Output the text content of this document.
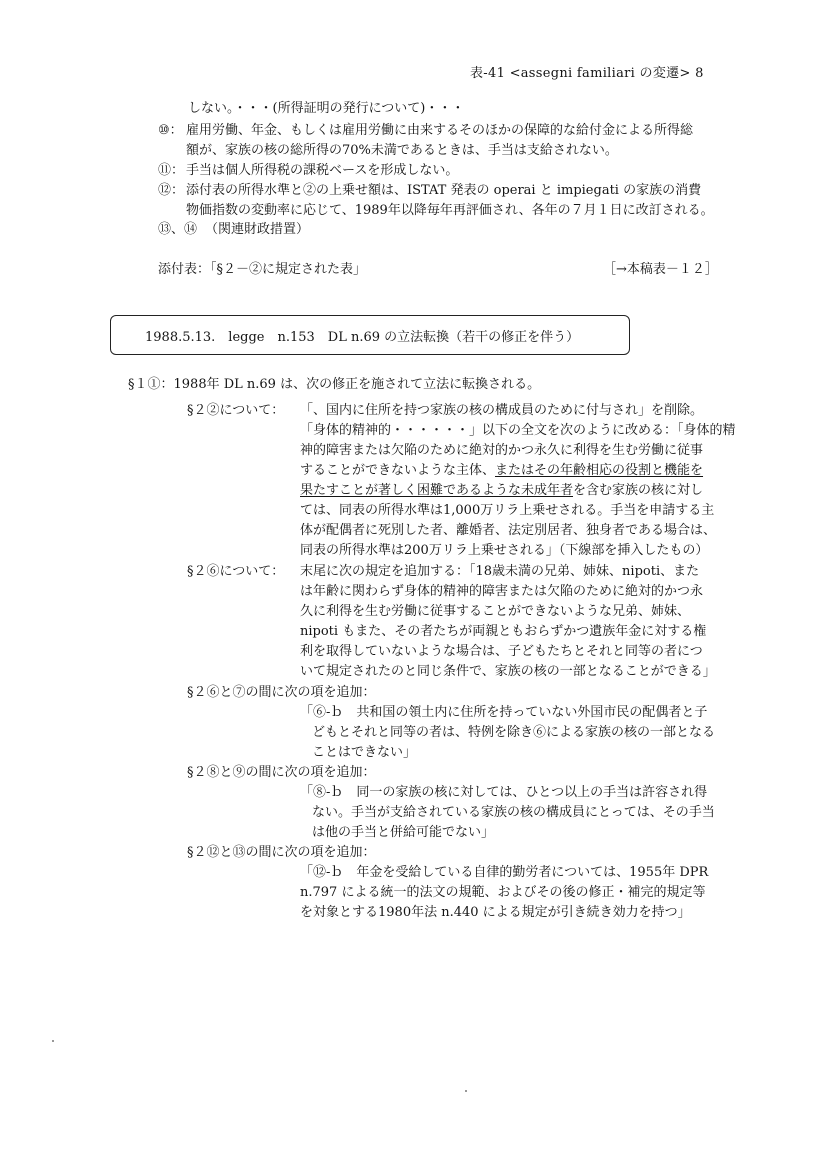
表-41 <assegni familiari の変遷> 8
しない。・・・(所得証明の発行について)・・・
⑩： 雇用労働、年金、もしくは雇用労働に由来するそのほかの保障的な給付金による所得総
額が、家族の核の総所得の70%未満であるときは、手当は支給されない。
⑪： 手当は個人所得税の課税ベースを形成しない。
⑫： 添付表の所得水準と②の上乗せ額は、ISTAT 発表の operai と impiegati の家族の消費
物価指数の変動率に応じて、1989年以降毎年再評価され、各年の７月１日に改訂される。
⑬、⑭ （関連財政措置）
添付表：「§２－②に規定された表」	［→本稿表－１２］
1988.5.13.　legge　n.153　DL n.69 の立法転換（若干の修正を伴う）
§１①：1988年 DL n.69 は、次の修正を施されて立法に転換される。
§２②について： 「、国内に住所を持つ家族の核の構成員のために付与され」を削除。
「身体的精神的・・・・・・」以下の全文を次のように改める：「身体的精
神的障害または欠陥のために絶対的かつ永久に利得を生む労働に従事
することができないような主体、またはその年齢相応の役割と機能を
果たすことが著しく困難であるような未成年者を含む家族の核に対し
ては、同表の所得水準は1,000万リラ上乗せされる。手当を申請する主
体が配偶者に死別した者、離婚者、法定別居者、独身者である場合は、
同表の所得水準は200万リラ上乗せされる」（下線部を挿入したもの）
§２⑥について： 末尾に次の規定を追加する：「18歳未満の兄弟、姉妹、nipoti、また
は年齢に関わらず身体的精神的障害または欠陥のために絶対的かつ永
久に利得を生む労働に従事することができないような兄弟、姉妹、
nipoti もまた、その者たちが両親ともおらずかつ遺族年金に対する権
利を取得していないような場合は、子どもたちとそれと同等の者につ
いて規定されたのと同じ条件で、家族の核の一部となることができる」
§２⑥と⑦の間に次の項を追加：
「⑥-ｂ　共和国の領土内に住所を持っていない外国市民の配偶者と子
どもとそれと同等の者は、特例を除き⑥による家族の核の一部となる
ことはできない」
§２⑧と⑨の間に次の項を追加：
「⑧-ｂ　同一の家族の核に対しては、ひとつ以上の手当は許容され得
ない。手当が支給されている家族の核の構成員にとっては、その手当
は他の手当と併給可能でない」
§２⑫と⑬の間に次の項を追加：
「⑫-ｂ　年金を受給している自律的勤労者については、1955年 DPR
n.797 による統一的法文の規範、およびその後の修正・補完的規定等
を対象とする1980年法 n.440 による規定が引き続き効力を持つ」
